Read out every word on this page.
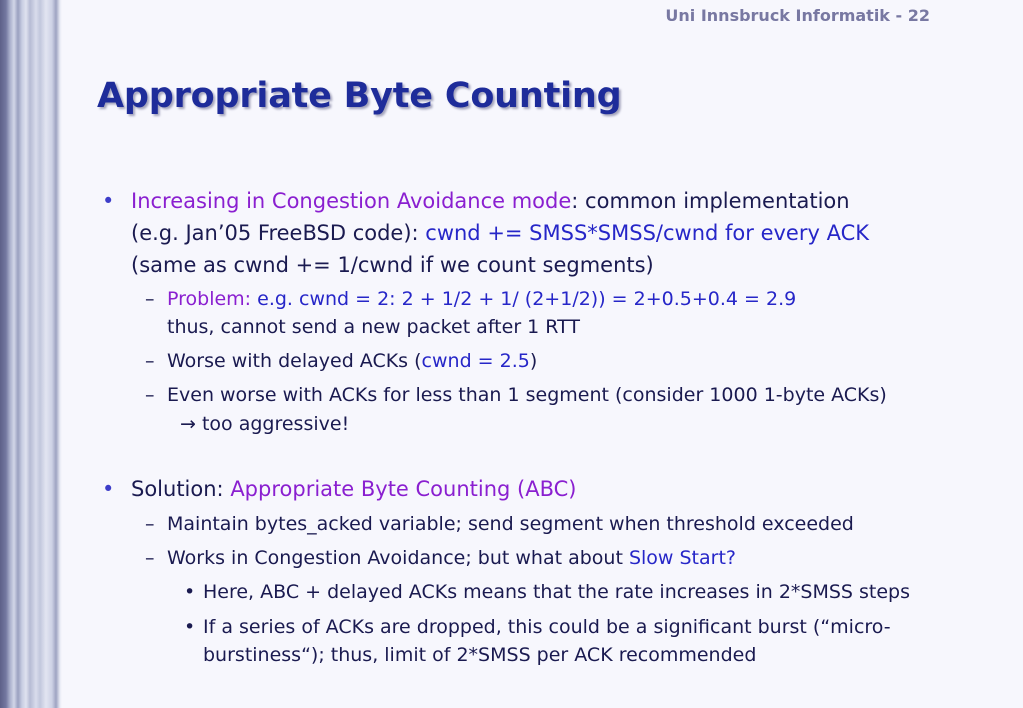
Uni Innsbruck Informatik - 22
Appropriate Byte Counting
• Increasing in Congestion Avoidance mode: common implementation
(e.g. Jan’05 FreeBSD code): cwnd += SMSS*SMSS/cwnd for every ACK
(same as cwnd += 1/cwnd if we count segments)
– Problem: e.g. cwnd = 2: 2 + 1/2 + 1/ (2+1/2)) = 2+0.5+0.4 = 2.9
thus, cannot send a new packet after 1 RTT
– Worse with delayed ACKs (cwnd = 2.5)
– Even worse with ACKs for less than 1 segment (consider 1000 1-byte ACKs)
→ too aggressive!
• Solution: Appropriate Byte Counting (ABC)
– Maintain bytes_acked variable; send segment when threshold exceeded
– Works in Congestion Avoidance; but what about Slow Start?
• Here, ABC + delayed ACKs means that the rate increases in 2*SMSS steps
• If a series of ACKs are dropped, this could be a significant burst (“micro-
burstiness“); thus, limit of 2*SMSS per ACK recommended
